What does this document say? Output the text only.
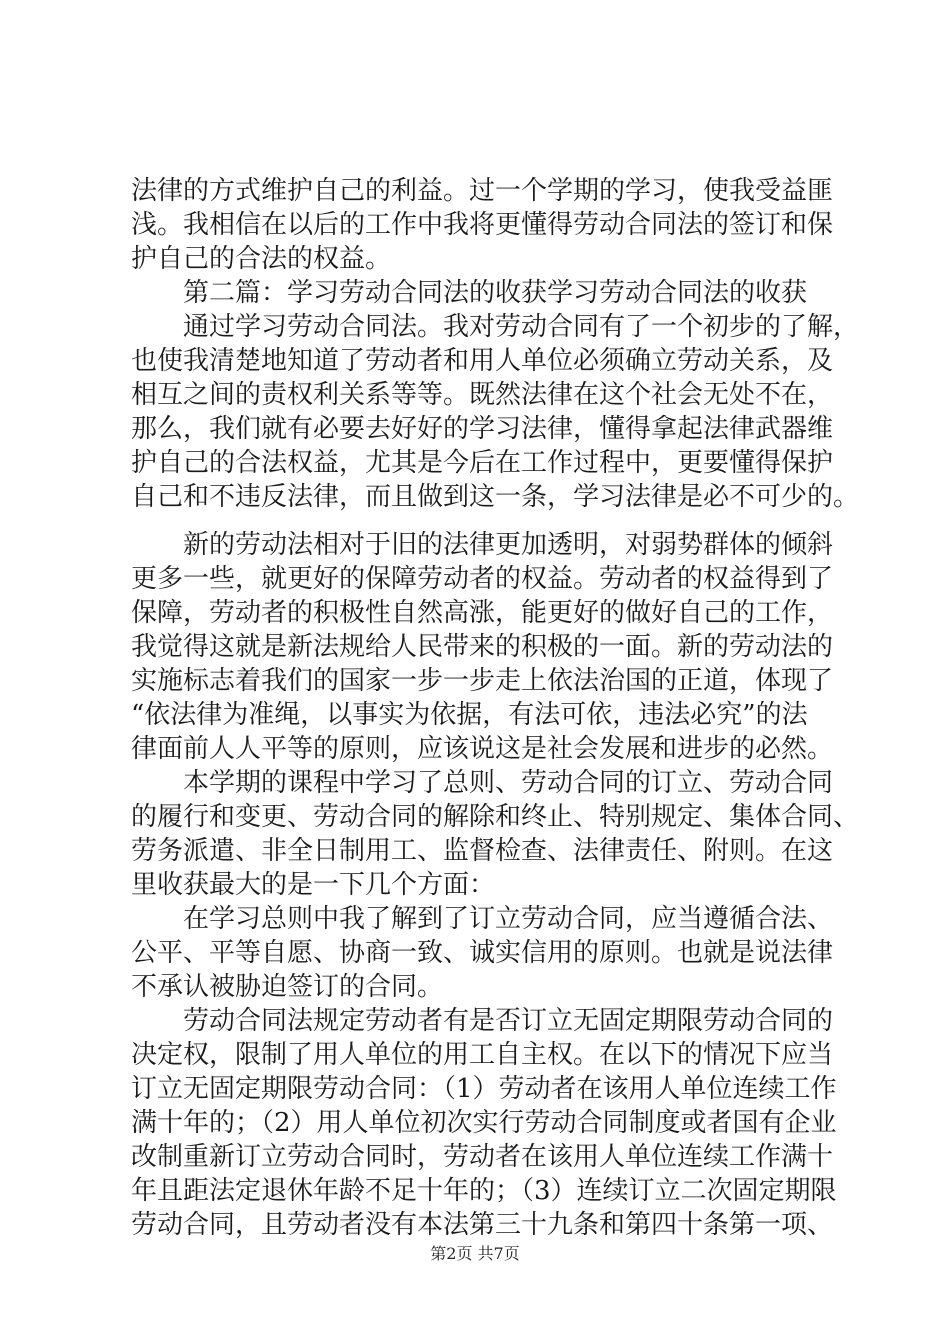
法律的方式维护自己的利益。过一个学期的学习，使我受益匪
浅。我相信在以后的工作中我将更懂得劳动合同法的签订和保
护自己的合法的权益。
第二篇：学习劳动合同法的收获学习劳动合同法的收获
通过学习劳动合同法。我对劳动合同有了一个初步的了解，
也使我清楚地知道了劳动者和用人单位必须确立劳动关系，及
相互之间的责权利关系等等。既然法律在这个社会无处不在，
那么，我们就有必要去好好的学习法律，懂得拿起法律武器维
护自己的合法权益，尤其是今后在工作过程中，更要懂得保护
自己和不违反法律，而且做到这一条，学习法律是必不可少的。
新的劳动法相对于旧的法律更加透明，对弱势群体的倾斜
更多一些，就更好的保障劳动者的权益。劳动者的权益得到了
保障，劳动者的积极性自然高涨，能更好的做好自己的工作，
我觉得这就是新法规给人民带来的积极的一面。新的劳动法的
实施标志着我们的国家一步一步走上依法治国的正道，体现了
“依法律为准绳，以事实为依据，有法可依，违法必究”的法
律面前人人平等的原则，应该说这是社会发展和进步的必然。
本学期的课程中学习了总则、劳动合同的订立、劳动合同
的履行和变更、劳动合同的解除和终止、特别规定、集体合同、
劳务派遣、非全日制用工、监督检查、法律责任、附则。在这
里收获最大的是一下几个方面：
在学习总则中我了解到了订立劳动合同，应当遵循合法、
公平、平等自愿、协商一致、诚实信用的原则。也就是说法律
不承认被胁迫签订的合同。
劳动合同法规定劳动者有是否订立无固定期限劳动合同的
决定权，限制了用人单位的用工自主权。在以下的情况下应当
订立无固定期限劳动合同：（1）劳动者在该用人单位连续工作
满十年的；（2）用人单位初次实行劳动合同制度或者国有企业
改制重新订立劳动合同时，劳动者在该用人单位连续工作满十
年且距法定退休年龄不足十年的；（3）连续订立二次固定期限
劳动合同，且劳动者没有本法第三十九条和第四十条第一项、
第2页 共7页
